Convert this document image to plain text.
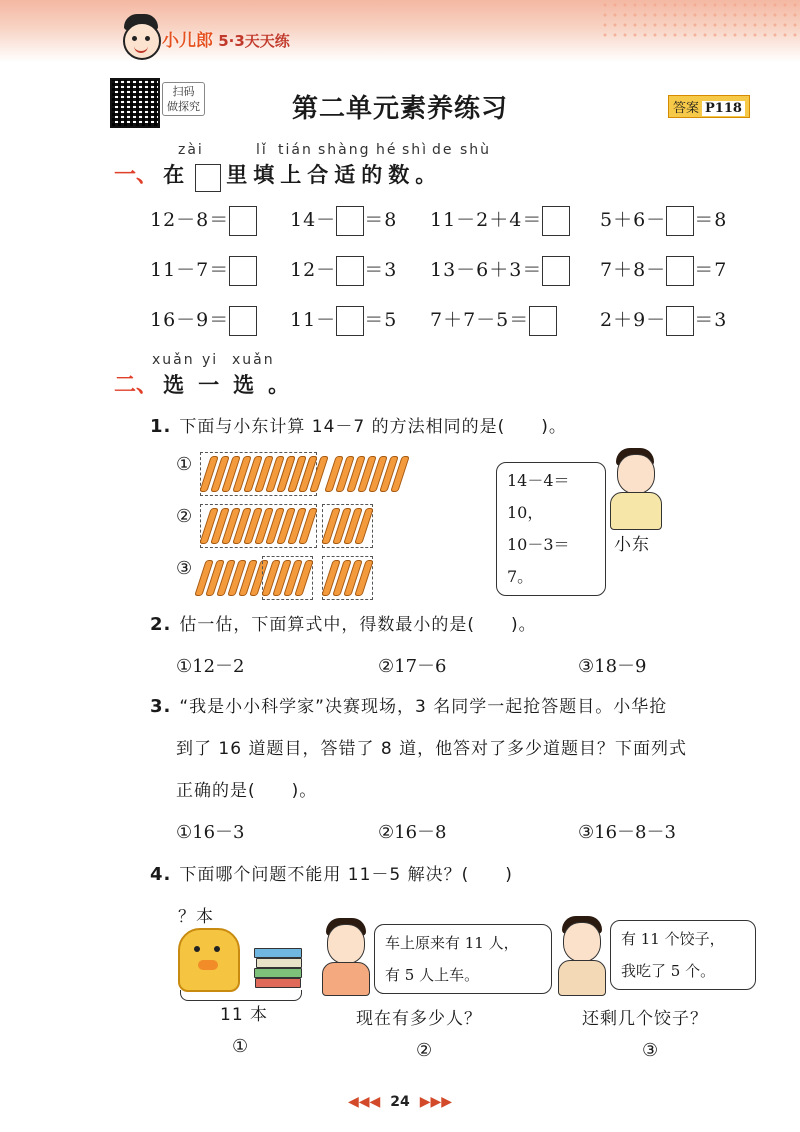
小儿郎 5·3天天练
扫码
做探究	第二单元素养练习	答案 P118
zài	lǐ tián shàng hé shì de shù
一、 在 里填上合适的数。
12－8＝	14－ ＝8 11－2＋4＝	5＋6－ ＝8
11－7＝	12－ ＝3 13－6＋3＝	7＋8－ ＝7
16－9＝	11－ ＝5 7＋7－5＝	2＋9－ ＝3
xuǎn yi xuǎn
二、 选一选。
1. 下面与小东计算 14－7 的方法相同的是(　　)。
①
②
③
14－4＝10，
10－3＝7。
小东
2. 估一估，下面算式中，得数最小的是(　　)。
①12－2	②17－6	③18－9
3. “我是小小科学家”决赛现场，3 名同学一起抢答题目。小华抢
到了 16 道题目，答错了 8 道，他答对了多少道题目？下面列式
正确的是(　　)。
①16－3	②16－8	③16－8－3
4. 下面哪个问题不能用 11－5 解决？(　　)
？本
11 本
车上原来有 11 人，
有 5 人上车。
现在有多少人？
有 11 个饺子，
我吃了 5 个。
还剩几个饺子？
①	②	③
◀◀◀ 24 ▶▶▶
